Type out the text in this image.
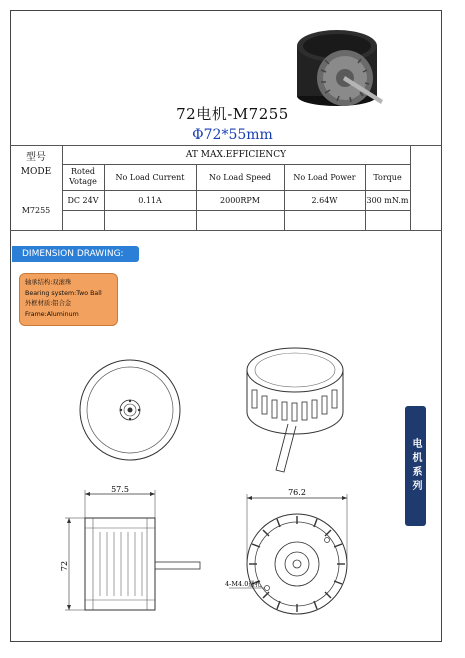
72电机-M7255
Φ72*55mm
型号
MODE
AT MAX.EFFICIENCY
Roted Votage	No Load Current	No Load Speed	No Load Power	Torque
M7255
DC 24V	0.11A	2000RPM	2.64W	300 mN.m
DIMENSION DRAWING:
轴承结构:双滚珠
Bearing system:Two Ball
外框材质:铝合金
Frame:Aluminum
57.5
72
76.2
4-M4.0通孔
电机系列
